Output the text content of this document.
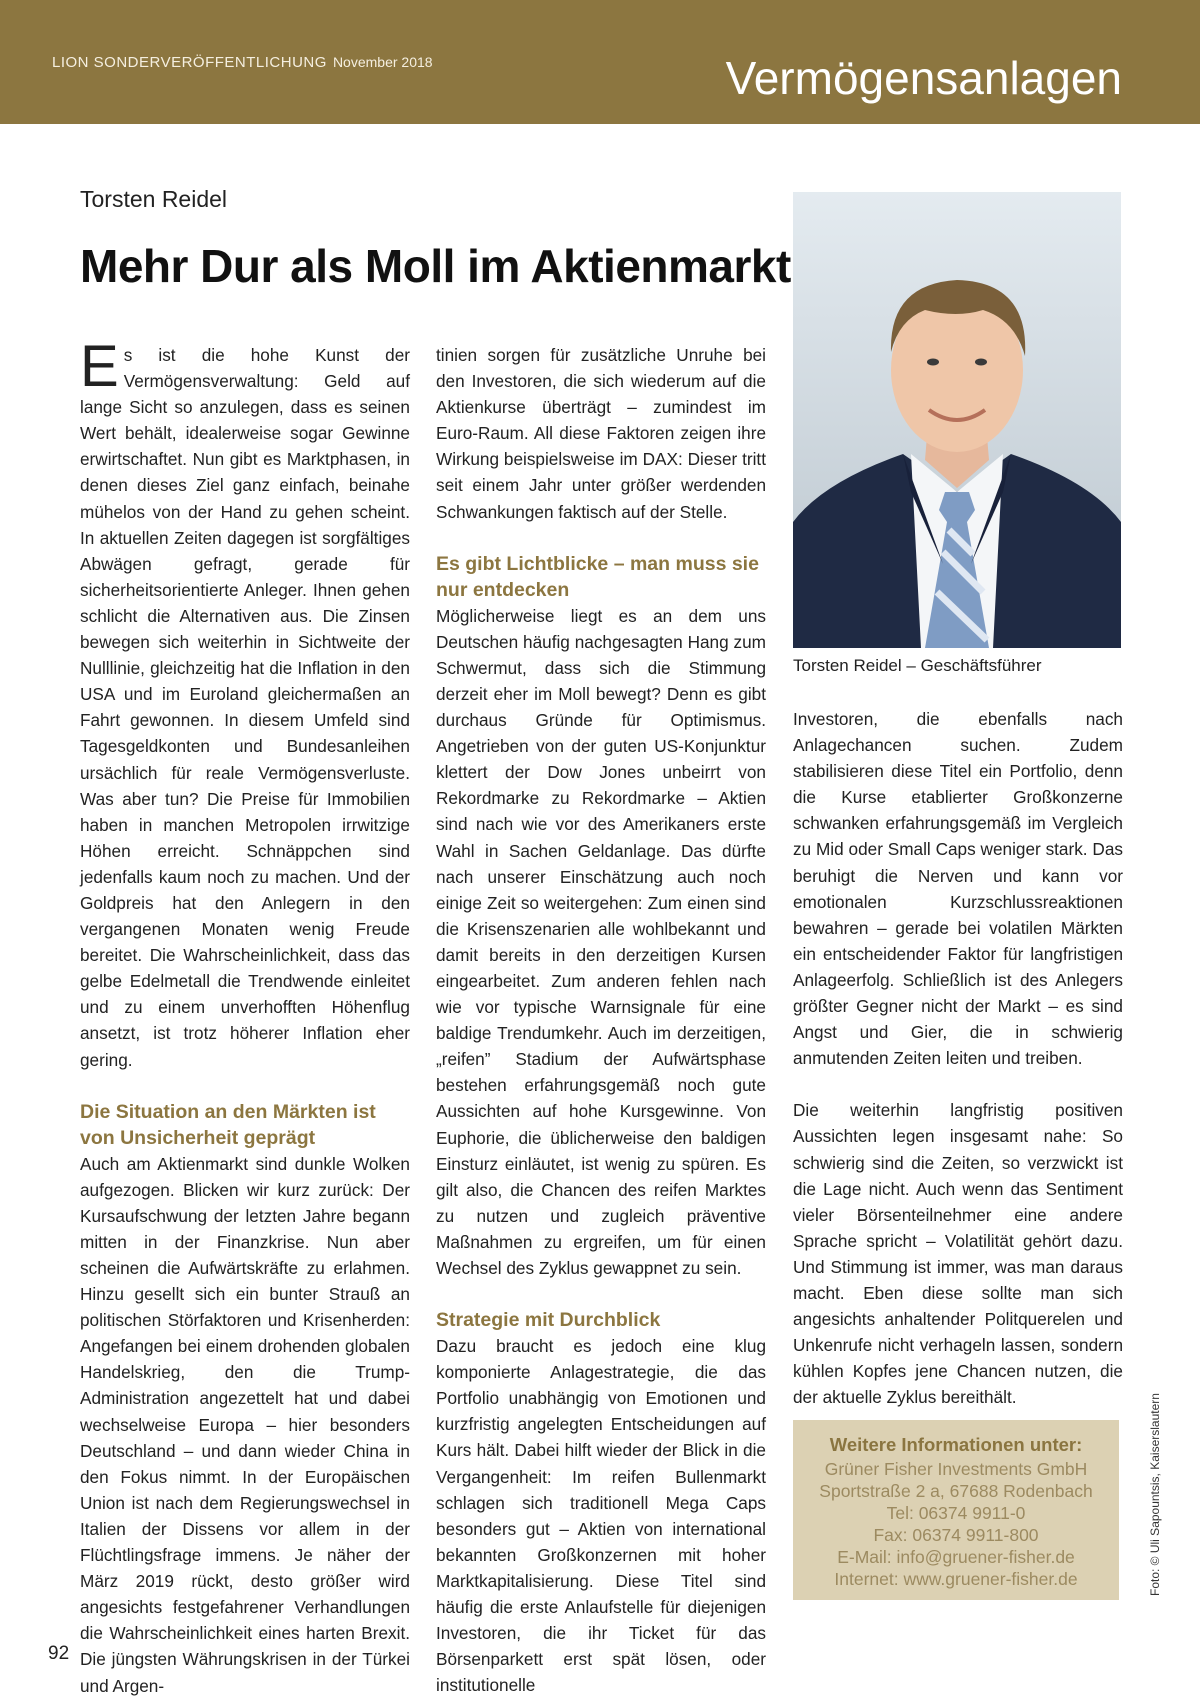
LION SONDERVERÖFFENTLICHUNG November 2018	Vermögensanlagen
Torsten Reidel
Mehr Dur als Moll im Aktienmarkt

Es ist die hohe Kunst der Vermögensverwaltung: Geld auf lange Sicht so anzulegen, dass es seinen Wert behält, idealerweise sogar Gewinne erwirtschaftet. Nun gibt es Marktphasen, in denen dieses Ziel ganz einfach, beinahe mühelos von der Hand zu gehen scheint. In aktuellen Zeiten dagegen ist sorgfältiges Abwägen gefragt, gerade für sicherheitsorientierte Anleger. Ihnen gehen schlicht die Alternativen aus. Die Zinsen bewegen sich weiterhin in Sichtweite der Nulllinie, gleichzeitig hat die Inflation in den USA und im Euroland gleichermaßen an Fahrt gewonnen. In diesem Umfeld sind Tagesgeldkonten und Bundesanleihen ursächlich für reale Vermögensverluste. Was aber tun? Die Preise für Immobilien haben in manchen Metropolen irrwitzige Höhen erreicht. Schnäppchen sind jedenfalls kaum noch zu machen. Und der Goldpreis hat den Anlegern in den vergangenen Monaten wenig Freude bereitet. Die Wahrscheinlichkeit, dass das gelbe Edelmetall die Trendwende einleitet und zu einem unverhofften Höhenflug ansetzt, ist trotz höherer Inflation eher gering.

Die Situation an den Märkten ist von Unsicherheit geprägt

Auch am Aktienmarkt sind dunkle Wolken aufgezogen. Blicken wir kurz zurück: Der Kursaufschwung der letzten Jahre begann mitten in der Finanzkrise. Nun aber scheinen die Aufwärtskräfte zu erlahmen. Hinzu gesellt sich ein bunter Strauß an politischen Störfaktoren und Krisenherden: Angefangen bei einem drohenden globalen Handelskrieg, den die Trump-Administration angezettelt hat und dabei wechselweise Europa – hier besonders Deutschland – und dann wieder China in den Fokus nimmt. In der Europäischen Union ist nach dem Regierungswechsel in Italien der Dissens vor allem in der Flüchtlingsfrage immens. Je näher der März 2019 rückt, desto größer wird angesichts festgefahrener Verhandlungen die Wahrscheinlichkeit eines harten Brexit. Die jüngsten Währungskrisen in der Türkei und Argen-

tinien sorgen für zusätzliche Unruhe bei den Investoren, die sich wiederum auf die Aktienkurse überträgt – zumindest im Euro-Raum. All diese Faktoren zeigen ihre Wirkung beispielsweise im DAX: Dieser tritt seit einem Jahr unter größer werdenden Schwankungen faktisch auf der Stelle.

Es gibt Lichtblicke – man muss sie nur entdecken

Möglicherweise liegt es an dem uns Deutschen häufig nachgesagten Hang zum Schwermut, dass sich die Stimmung derzeit eher im Moll bewegt? Denn es gibt durchaus Gründe für Optimismus. Angetrieben von der guten US-Konjunktur klettert der Dow Jones unbeirrt von Rekordmarke zu Rekordmarke – Aktien sind nach wie vor des Amerikaners erste Wahl in Sachen Geldanlage. Das dürfte nach unserer Einschätzung auch noch einige Zeit so weitergehen: Zum einen sind die Krisenszenarien alle wohlbekannt und damit bereits in den derzeitigen Kursen eingearbeitet. Zum anderen fehlen nach wie vor typische Warnsignale für eine baldige Trendumkehr. Auch im derzeitigen, „reifen” Stadium der Aufwärtsphase bestehen erfahrungsgemäß noch gute Aussichten auf hohe Kursgewinne. Von Euphorie, die üblicherweise den baldigen Einsturz einläutet, ist wenig zu spüren. Es gilt also, die Chancen des reifen Marktes zu nutzen und zugleich präventive Maßnahmen zu ergreifen, um für einen Wechsel des Zyklus gewappnet zu sein.

Strategie mit Durchblick

Dazu braucht es jedoch eine klug komponierte Anlagestrategie, die das Portfolio unabhängig von Emotionen und kurzfristig angelegten Entscheidungen auf Kurs hält. Dabei hilft wieder der Blick in die Vergangenheit: Im reifen Bullenmarkt schlagen sich traditionell Mega Caps besonders gut – Aktien von international bekannten Großkonzernen mit hoher Marktkapitalisierung. Diese Titel sind häufig die erste Anlaufstelle für diejenigen Investoren, die ihr Ticket für das Börsenparkett erst spät lösen, oder institutionelle

Torsten Reidel – Geschäftsführer

Investoren, die ebenfalls nach Anlagechancen suchen. Zudem stabilisieren diese Titel ein Portfolio, denn die Kurse etablierter Großkonzerne schwanken erfahrungsgemäß im Vergleich zu Mid oder Small Caps weniger stark. Das beruhigt die Nerven und kann vor emotionalen Kurzschlussreaktionen bewahren – gerade bei volatilen Märkten ein entscheidender Faktor für langfristigen Anlageerfolg. Schließlich ist des Anlegers größter Gegner nicht der Markt – es sind Angst und Gier, die in schwierig anmutenden Zeiten leiten und treiben.

Die weiterhin langfristig positiven Aussichten legen insgesamt nahe: So schwierig sind die Zeiten, so verzwickt ist die Lage nicht. Auch wenn das Sentiment vieler Börsenteilnehmer eine andere Sprache spricht – Volatilität gehört dazu. Und Stimmung ist immer, was man daraus macht. Eben diese sollte man sich angesichts anhaltender Politquerelen und Unkenrufe nicht verhageln lassen, sondern kühlen Kopfes jene Chancen nutzen, die der aktuelle Zyklus bereithält.

Weitere Informationen unter:
Grüner Fisher Investments GmbH
Sportstraße 2 a, 67688 Rodenbach
Tel: 06374 9911-0
Fax: 06374 9911-800
E-Mail: info@gruener-fisher.de
Internet: www.gruener-fisher.de	Foto: © Uli Sapountsis, Kaiserslautern
92
